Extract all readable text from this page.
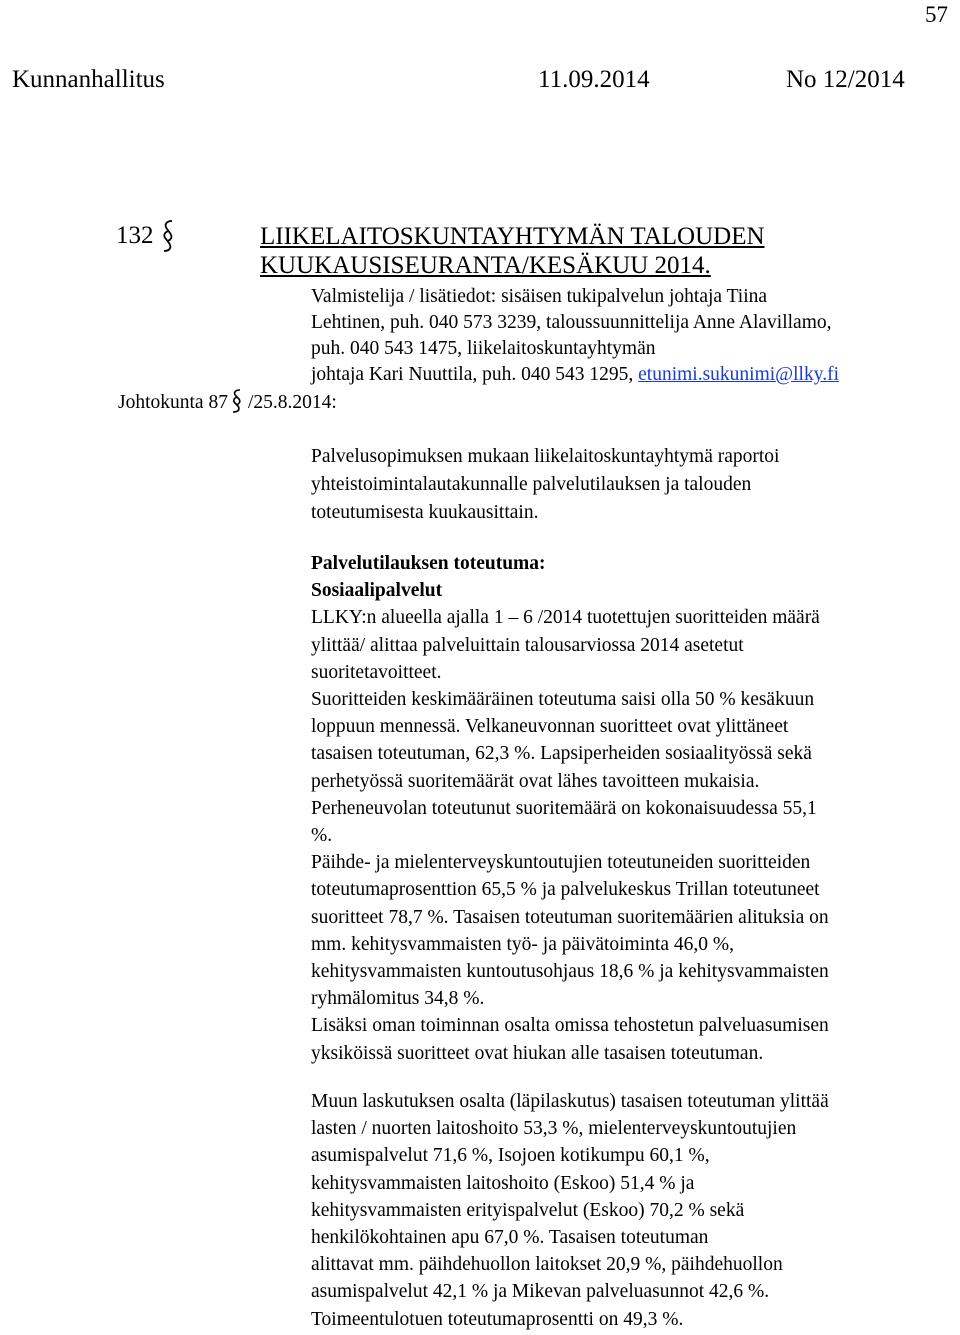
57
Kunnanhallitus	11.09.2014	No 12/2014
132	LIIKELAITOSKUNTAYHTYMÄN TALOUDEN
KUUKAUSISEURANTA/KESÄKUU 2014.
Valmistelija / lisätiedot: sisäisen tukipalvelun johtaja Tiina
Lehtinen, puh. 040 573 3239, taloussuunnittelija Anne Alavillamo,
puh. 040 543 1475, liikelaitoskuntayhtymän
johtaja Kari Nuuttila, puh. 040 543 1295, etunimi.sukunimi@llky.fi
Johtokunta 87 /25.8.2014:
Palvelusopimuksen mukaan liikelaitoskuntayhtymä raportoi
yhteistoimintalautakunnalle palvelutilauksen ja talouden
toteutumisesta kuukausittain.
Palvelutilauksen toteutuma:
Sosiaalipalvelut
LLKY:n alueella ajalla 1 – 6 /2014 tuotettujen suoritteiden määrä
ylittää/ alittaa palveluittain talousarviossa 2014 asetetut
suoritetavoitteet.
Suoritteiden keskimääräinen toteutuma saisi olla 50 % kesäkuun
loppuun mennessä. Velkaneuvonnan suoritteet ovat ylittäneet
tasaisen toteutuman, 62,3 %. Lapsiperheiden sosiaalityössä sekä
perhetyössä suoritemäärät ovat lähes tavoitteen mukaisia.
Perheneuvolan toteutunut suoritemäärä on kokonaisuudessa 55,1
%.
Päihde- ja mielenterveyskuntoutujien toteutuneiden suoritteiden
toteutumaprosenttion 65,5 % ja palvelukeskus Trillan toteutuneet
suoritteet 78,7 %. Tasaisen toteutuman suoritemäärien alituksia on
mm. kehitysvammaisten työ- ja päivätoiminta 46,0 %,
kehitysvammaisten kuntoutusohjaus 18,6 % ja kehitysvammaisten
ryhmälomitus 34,8 %.
Lisäksi oman toiminnan osalta omissa tehostetun palveluasumisen
yksiköissä suoritteet ovat hiukan alle tasaisen toteutuman.
Muun laskutuksen osalta (läpilaskutus) tasaisen toteutuman ylittää
lasten / nuorten laitoshoito 53,3 %, mielenterveyskuntoutujien
asumispalvelut 71,6 %, Isojoen kotikumpu 60,1 %,
kehitysvammaisten laitoshoito (Eskoo) 51,4 % ja
kehitysvammaisten erityispalvelut (Eskoo) 70,2 % sekä
henkilökohtainen apu 67,0 %. Tasaisen toteutuman
alittavat mm. päihdehuollon laitokset 20,9 %, päihdehuollon
asumispalvelut 42,1 % ja Mikevan palveluasunnot 42,6 %.
Toimeentulotuen toteutumaprosentti on 49,3 %.
